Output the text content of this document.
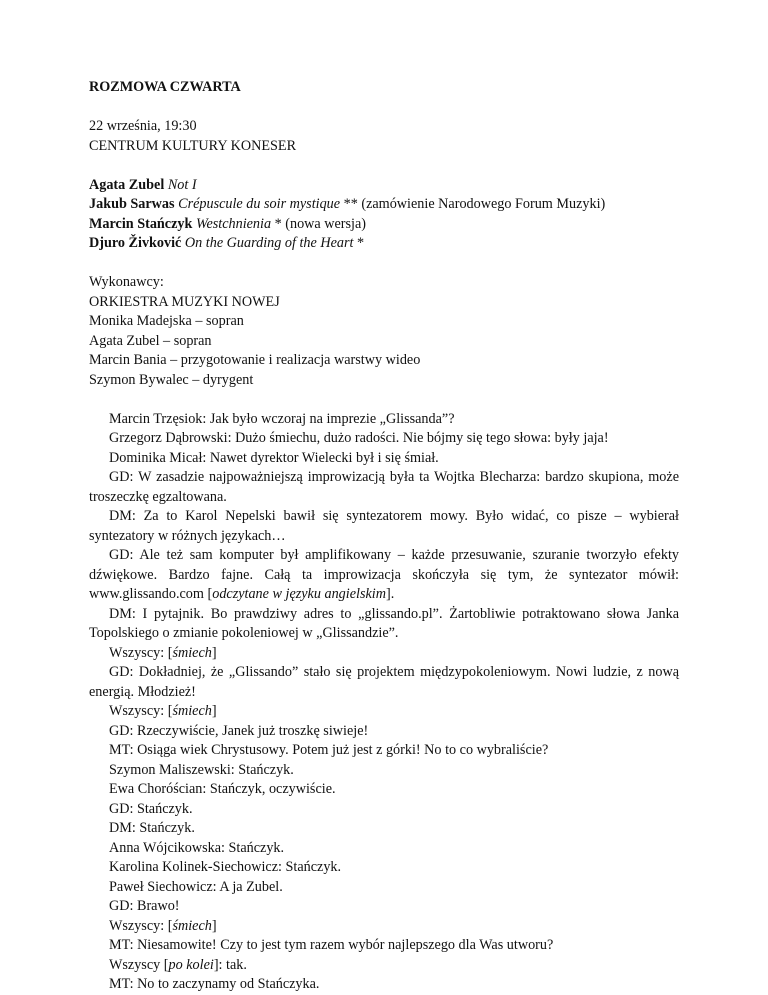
ROZMOWA CZWARTA

22 września, 19:30

CENTRUM KULTURY KONESER

Agata Zubel Not I

Jakub Sarwas Crépuscule du soir mystique ** (zamówienie Narodowego Forum Muzyki)

Marcin Stańczyk Westchnienia * (nowa wersja)

Djuro Živković On the Guarding of the Heart *

Wykonawcy:

ORKIESTRA MUZYKI NOWEJ

Monika Madejska – sopran

Agata Zubel – sopran

Marcin Bania – przygotowanie i realizacja warstwy wideo

Szymon Bywalec – dyrygent

Marcin Trzęsiok: Jak było wczoraj na imprezie „Glissanda”?

Grzegorz Dąbrowski: Dużo śmiechu, dużo radości. Nie bójmy się tego słowa: były jaja!

Dominika Micał: Nawet dyrektor Wielecki był i się śmiał.

GD: W zasadzie najpoważniejszą improwizacją była ta Wojtka Blecharza: bardzo skupiona, może troszeczkę egzaltowana.

DM: Za to Karol Nepelski bawił się syntezatorem mowy. Było widać, co pisze – wybierał syntezatory w różnych językach…

GD: Ale też sam komputer był amplifikowany – każde przesuwanie, szuranie tworzyło efekty dźwiękowe. Bardzo fajne. Całą ta improwizacja skończyła się tym, że syntezator mówił: www.glissando.com [odczytane w języku angielskim].

DM: I pytajnik. Bo prawdziwy adres to „glissando.pl”. Żartobliwie potraktowano słowa Janka Topolskiego o zmianie pokoleniowej w „Glissandzie”.

Wszyscy: [śmiech]

GD: Dokładniej, że „Glissando” stało się projektem międzypokoleniowym. Nowi ludzie, z nową energią. Młodzież!

Wszyscy: [śmiech]

GD: Rzeczywiście, Janek już troszkę siwieje!

MT: Osiąga wiek Chrystusowy. Potem już jest z górki! No to co wybraliście?

Szymon Maliszewski: Stańczyk.

Ewa Choróścian: Stańczyk, oczywiście.

GD: Stańczyk.

DM: Stańczyk.

Anna Wójcikowska: Stańczyk.

Karolina Kolinek-Siechowicz: Stańczyk.

Paweł Siechowicz: A ja Zubel.

GD: Brawo!

Wszyscy: [śmiech]

MT: Niesamowite! Czy to jest tym razem wybór najlepszego dla Was utworu?

Wszyscy [po kolei]: tak.

MT: No to zaczynamy od Stańczyka.
